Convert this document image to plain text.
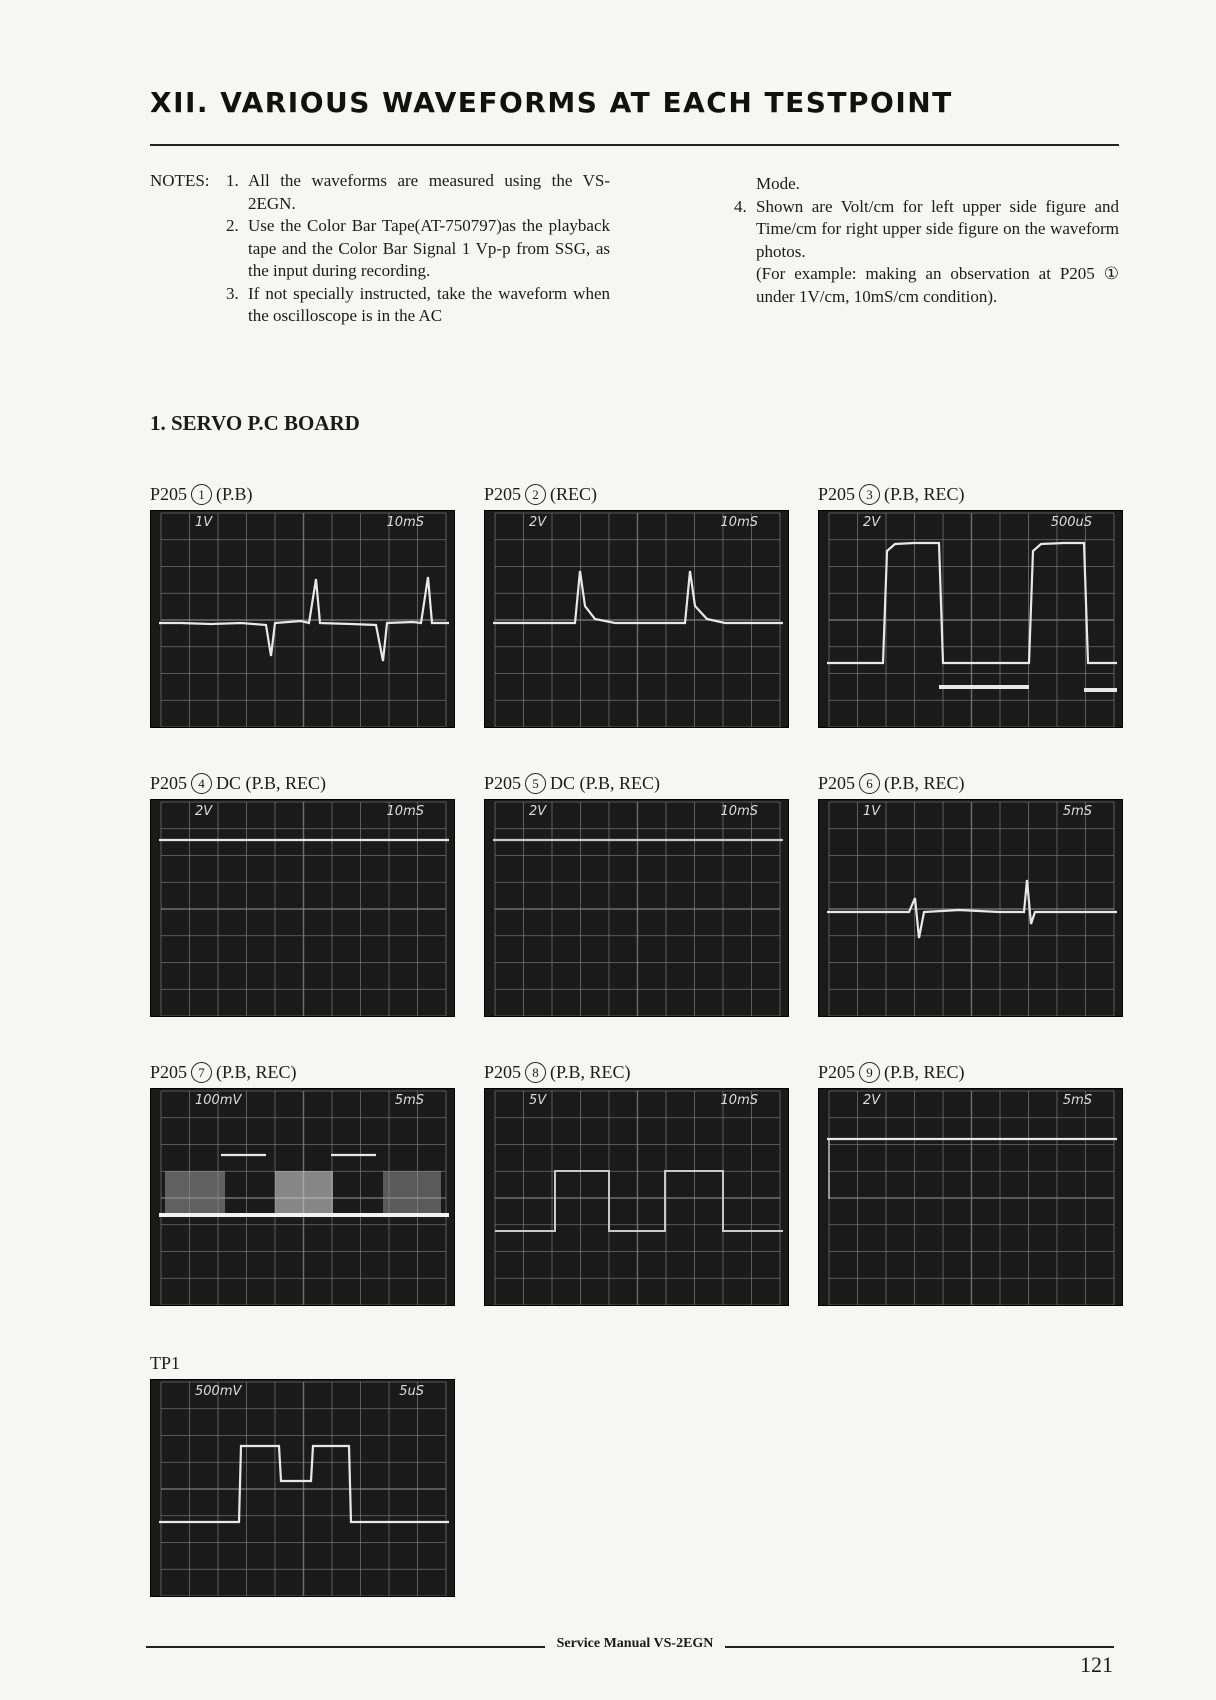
XII. VARIOUS WAVEFORMS AT EACH TESTPOINT
NOTES: 1. All the waveforms are measured using the VS-2EGN.
2. Use the Color Bar Tape(AT-750797)as the playback tape and the Color Bar Signal 1 Vp-p from SSG, as the input during recording.
3. If not specially instructed, take the waveform when the oscilloscope is in the AC
Mode.
4. Shown are Volt/cm for left upper side figure and Time/cm for right upper side figure on the waveform photos.
(For example: making an observation at P205 ① under 1V/cm, 10mS/cm condition).
1. SERVO P.C BOARD
P205 1 (P.B)
1V	10mS
P205 2 (REC)
2V	10mS
P205 3 (P.B, REC)
2V	500uS
P205 4 DC (P.B, REC)
2V	10mS
P205 5 DC (P.B, REC)
2V	10mS
P205 6 (P.B, REC)
1V	5mS
P205 7 (P.B, REC)
100mV	5mS
P205 8 (P.B, REC)
5V	10mS
P205 9 (P.B, REC)
2V	5mS
TP1
500mV	5uS
Service Manual VS-2EGN
121
